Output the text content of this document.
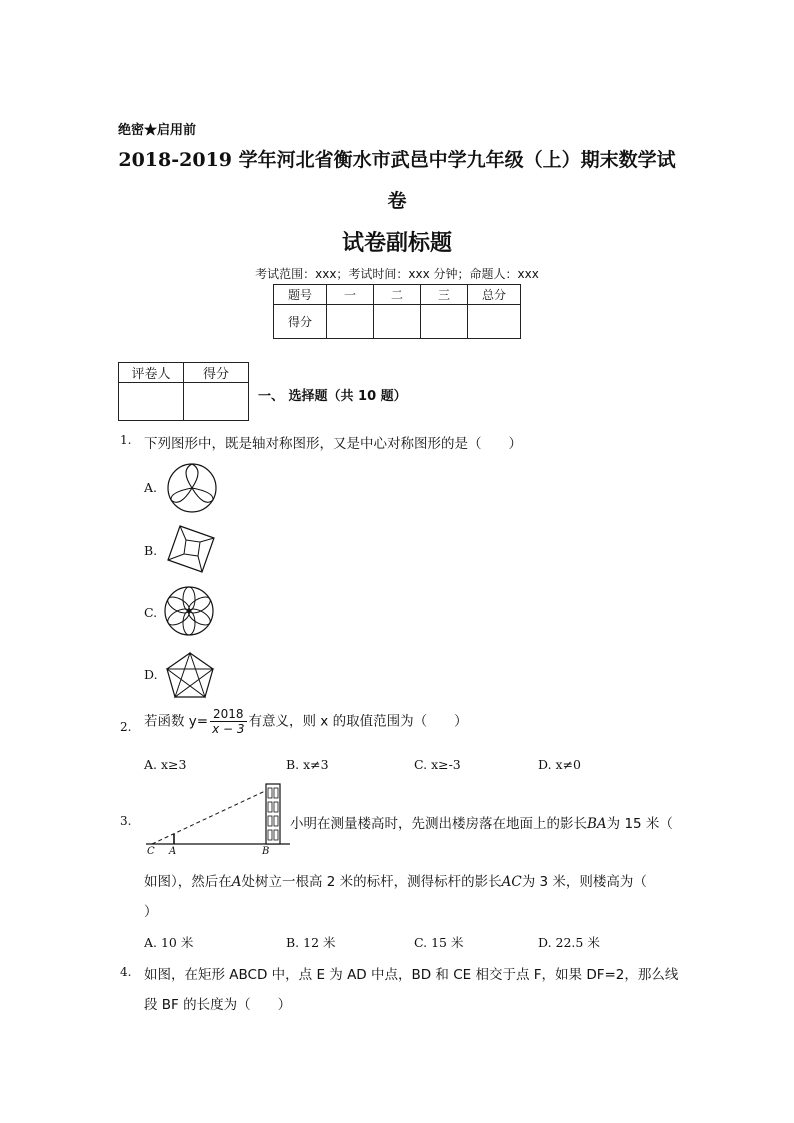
绝密★启用前
2018-2019 学年河北省衡水市武邑中学九年级（上）期末数学试
卷
试卷副标题
考试范围：xxx；考试时间：xxx 分钟；命题人：xxx
题号	一	二	三	总分
得分				
评卷人	得分

一、 选择题（共 10 题）
1. 下列图形中，既是轴对称图形，又是中心对称图形的是（　　）
A.
B.
C.
D.
2. 若函数 $y= \frac{2018}{x - 3}$ 有意义，则 x 的取值范围为（　　）
A. x≥3	B. x≠3	C. x≥-3	D. x≠0
3.
C A	B
小明在测量楼高时，先测出楼房落在地面上的影长BA为 15 米（
如图），然后在A处树立一根高 2 米的标杆，测得标杆的影长AC为 3 米，则楼高为（
）
A. 10 米	B. 12 米	C. 15 米	D. 22.5 米
4. 如图，在矩形 ABCD 中，点 E 为 AD 中点，BD 和 CE 相交于点 F，如果 DF=2，那么线
段 BF 的长度为（　　）
